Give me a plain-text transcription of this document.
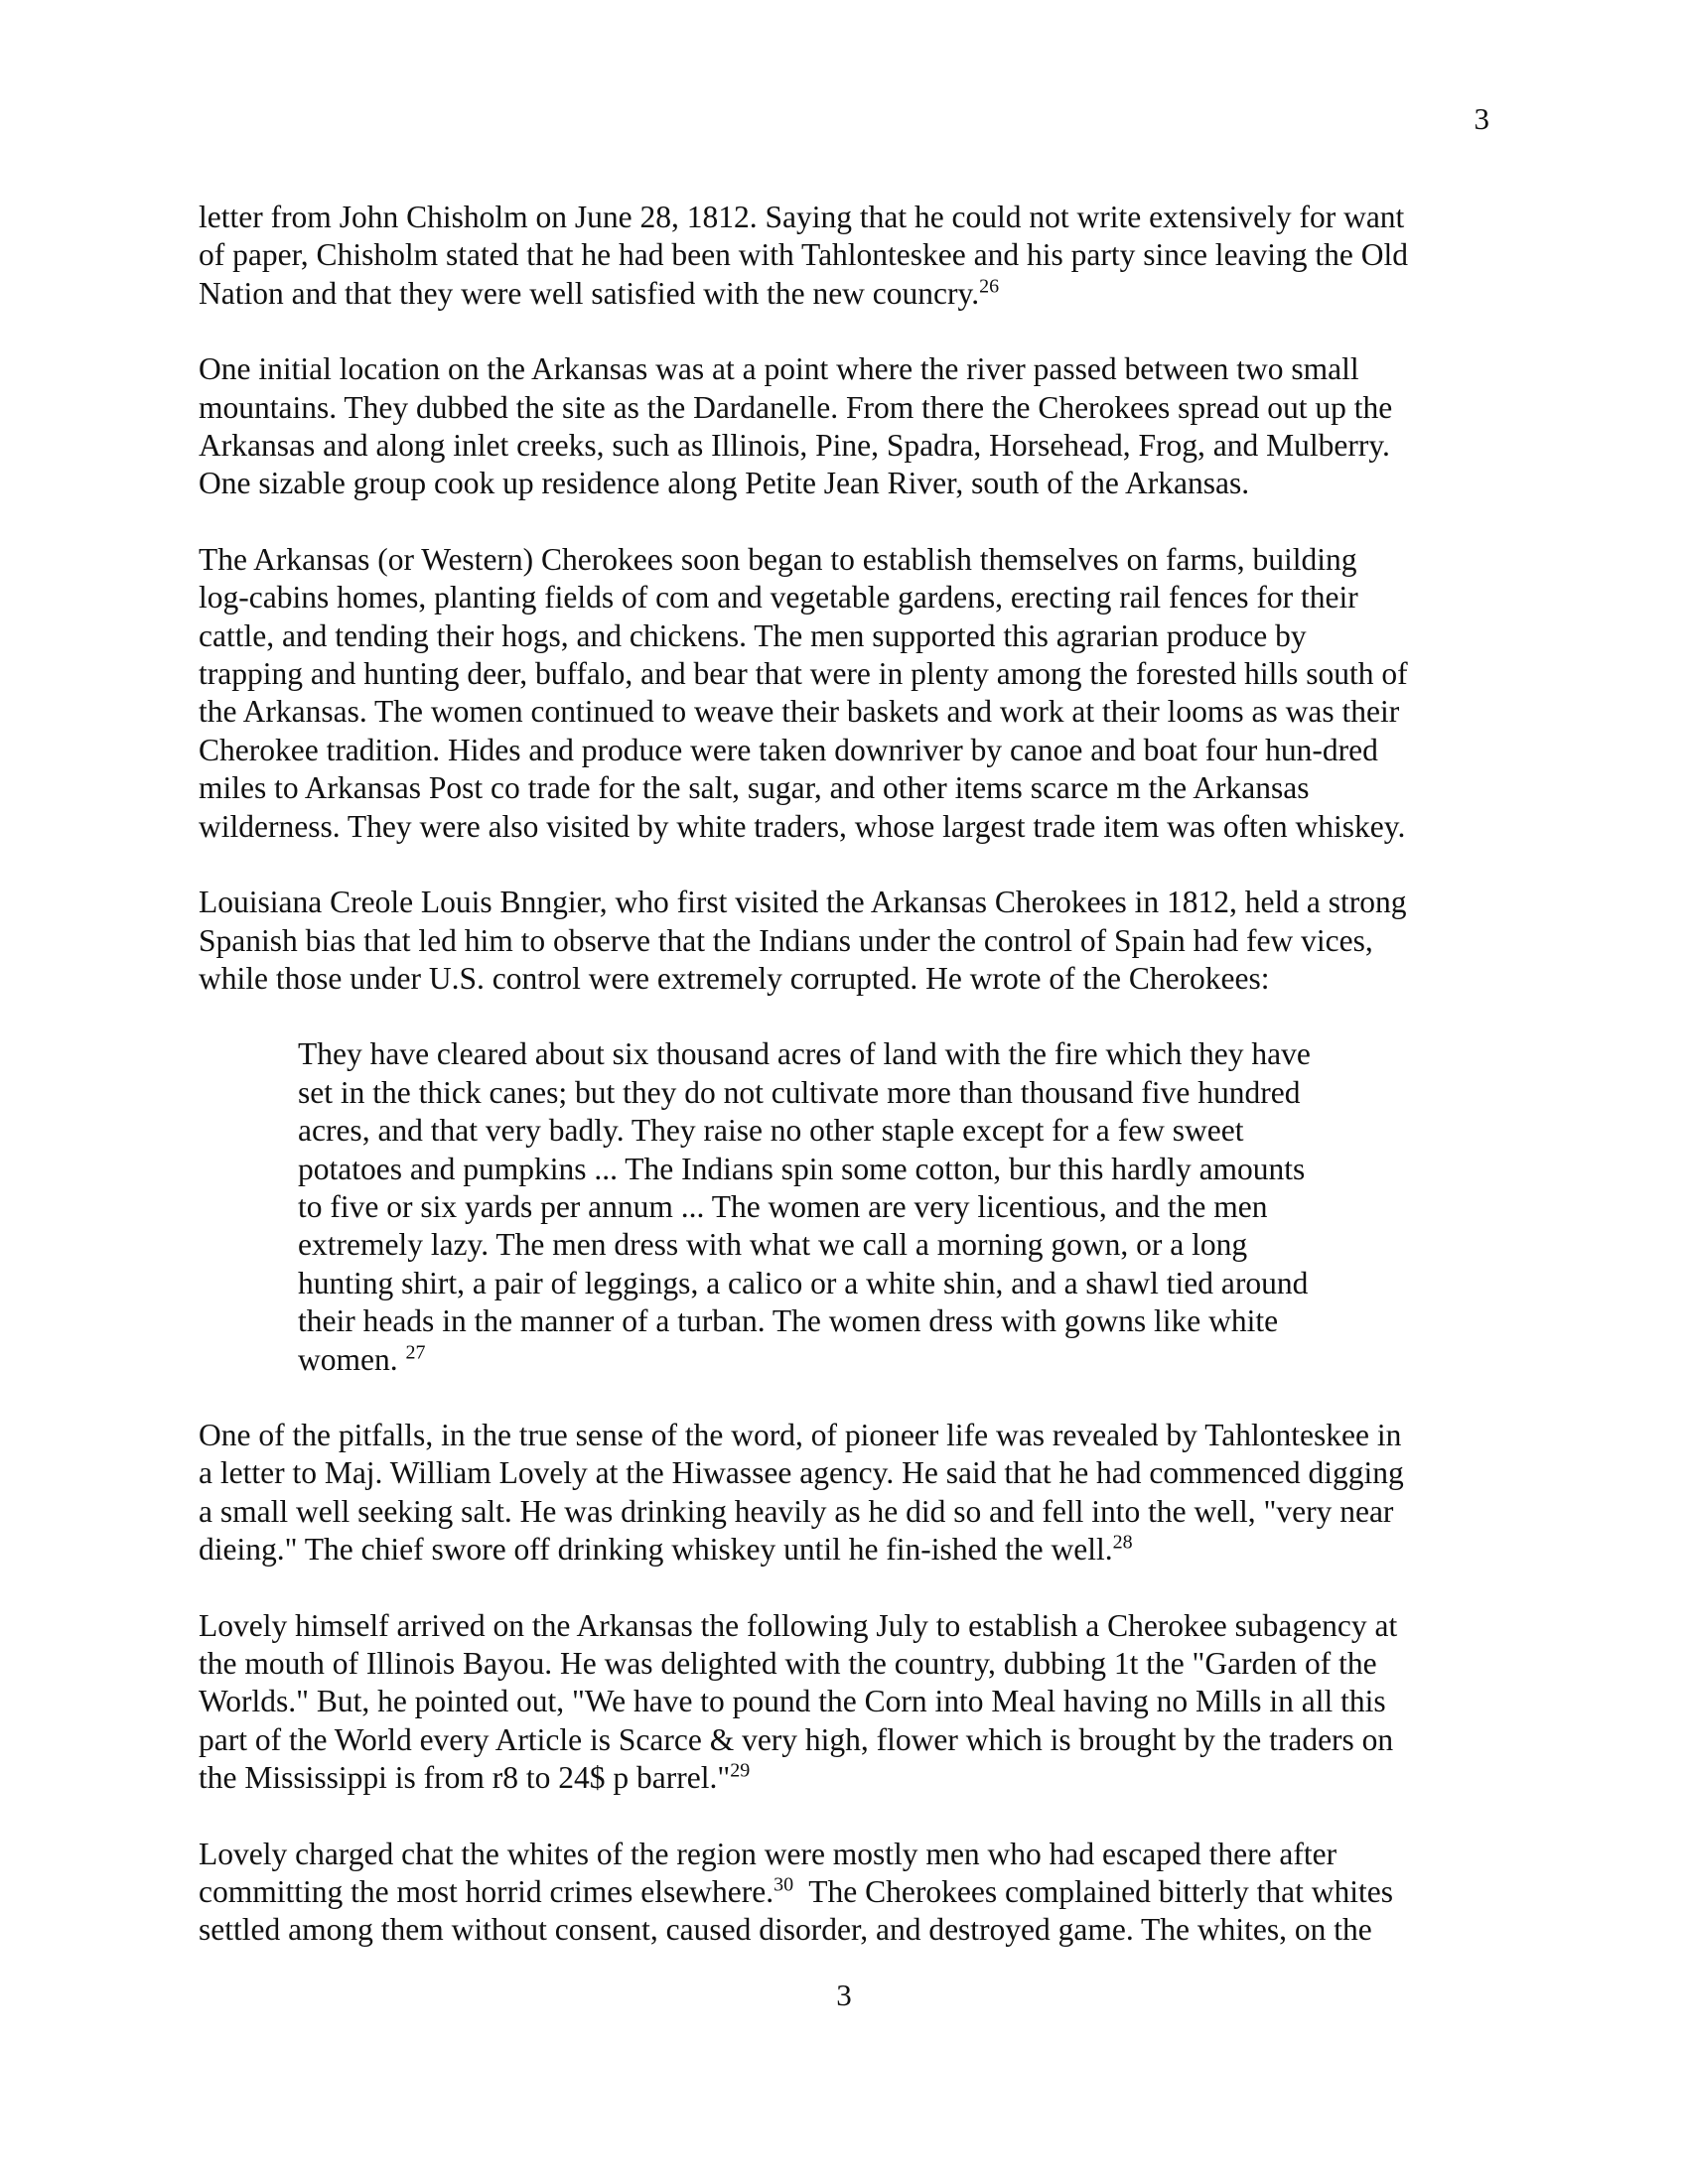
3

letter from John Chisholm on June 28, 1812. Saying that he could not write extensively for want
of paper, Chisholm stated that he had been with Tahlonteskee and his party since leaving the Old
Nation and that they were well satisfied with the new councry.$^{26}$

One initial location on the Arkansas was at a point where the river passed between two small
mountains. They dubbed the site as the Dardanelle. From there the Cherokees spread out up the
Arkansas and along inlet creeks, such as Illinois, Pine, Spadra, Horsehead, Frog, and Mulberry.
One sizable group cook up residence along Petite Jean River, south of the Arkansas.

The Arkansas (or Western) Cherokees soon began to establish themselves on farms, building
log-cabins homes, planting fields of com and vegetable gardens, erecting rail fences for their
cattle, and tending their hogs, and chickens. The men supported this agrarian produce by
trapping and hunting deer, buffalo, and bear that were in plenty among the forested hills south of
the Arkansas. The women continued to weave their baskets and work at their looms as was their
Cherokee tradition. Hides and produce were taken downriver by canoe and boat four hun-dred
miles to Arkansas Post co trade for the salt, sugar, and other items scarce m the Arkansas
wilderness. They were also visited by white traders, whose largest trade item was often whiskey.

Louisiana Creole Louis Bnngier, who first visited the Arkansas Cherokees in 1812, held a strong
Spanish bias that led him to observe that the Indians under the control of Spain had few vices,
while those under U.S. control were extremely corrupted. He wrote of the Cherokees:

They have cleared about six thousand acres of land with the fire which they have
set in the thick canes; but they do not cultivate more than thousand five hundred
acres, and that very badly. They raise no other staple except for a few sweet
potatoes and pumpkins ... The Indians spin some cotton, bur this hardly amounts
to five or six yards per annum ... The women are very licentious, and the men
extremely lazy. The men dress with what we call a morning gown, or a long
hunting shirt, a pair of leggings, a calico or a white shin, and a shawl tied around
their heads in the manner of a turban. The women dress with gowns like white
women. $^{27}$

One of the pitfalls, in the true sense of the word, of pioneer life was revealed by Tahlonteskee in
a letter to Maj. William Lovely at the Hiwassee agency. He said that he had commenced digging
a small well seeking salt. He was drinking heavily as he did so and fell into the well, "very near
dieing." The chief swore off drinking whiskey until he fin-ished the well.$^{28}$

Lovely himself arrived on the Arkansas the following July to establish a Cherokee subagency at
the mouth of Illinois Bayou. He was delighted with the country, dubbing 1t the "Garden of the
Worlds." But, he pointed out, "We have to pound the Corn into Meal having no Mills in all this
part of the World every Article is Scarce & very high, flower which is brought by the traders on
the Mississippi is from r8 to 24$ p barrel."$^{29}$

Lovely charged chat the whites of the region were mostly men who had escaped there after
committing the most horrid crimes elsewhere.$^{30}$  The Cherokees complained bitterly that whites
settled among them without consent, caused disorder, and destroyed game. The whites, on the

3
